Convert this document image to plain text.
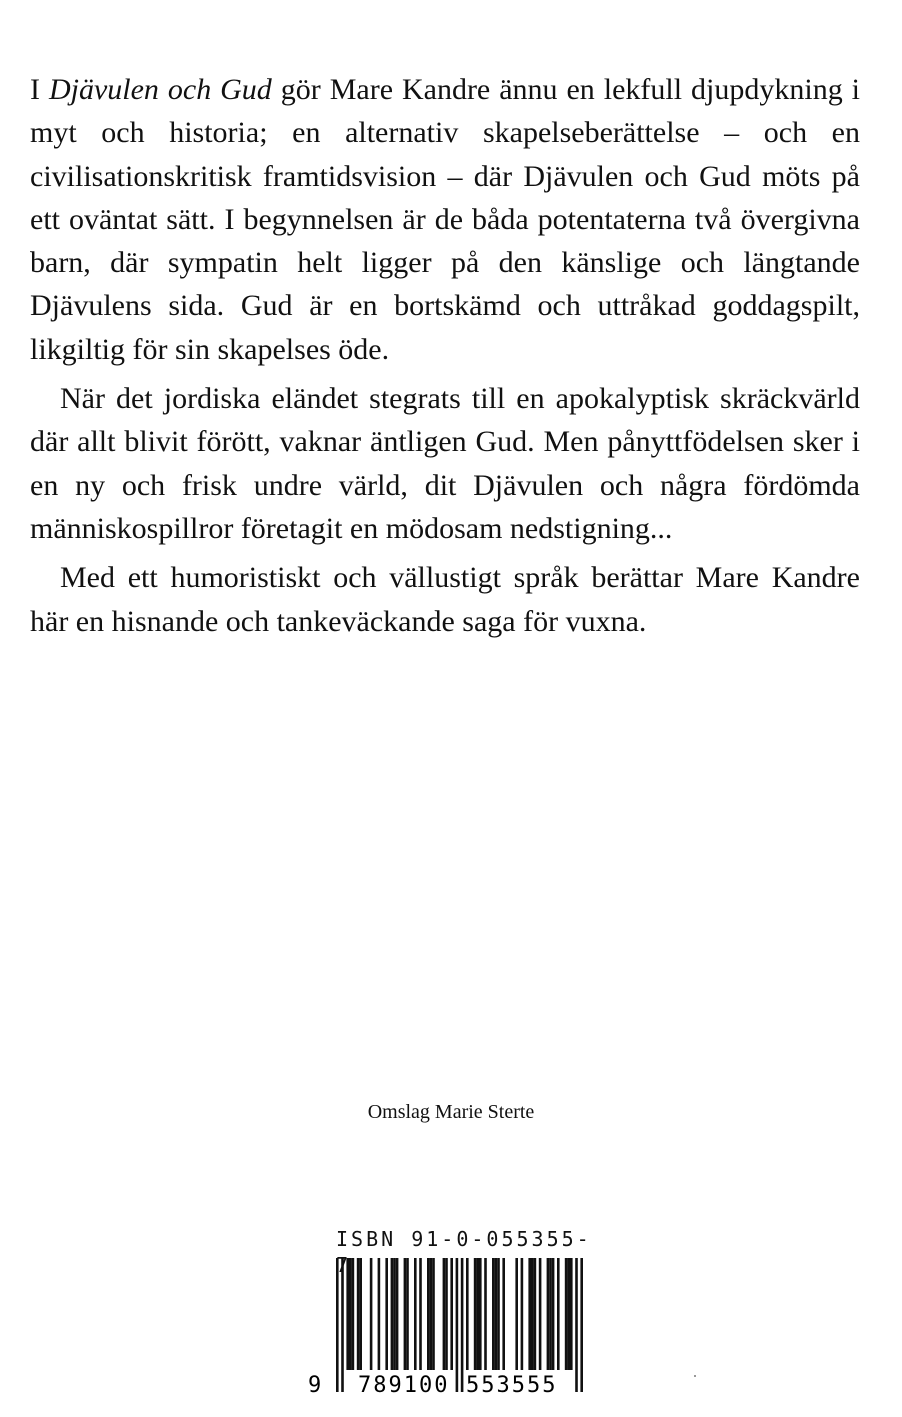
I Djävulen och Gud gör Mare Kandre ännu en lekfull djupdykning i myt och historia; en alternativ skapelseberättelse – och en civilisationskritisk framtidsvision – där Djävulen och Gud möts på ett oväntat sätt. I begynnelsen är de båda potentaterna två övergivna barn, där sympatin helt ligger på den känslige och längtande Djävulens sida. Gud är en bortskämd och uttråkad goddagspilt, likgiltig för sin skapelses öde.

När det jordiska eländet stegrats till en apokalyptisk skräckvärld där allt blivit förött, vaknar äntligen Gud. Men pånyttfödelsen sker i en ny och frisk undre värld, dit Djävulen och några fördömda människospillror företagit en mödosam nedstigning...

Med ett humoristiskt och vällustigt språk berättar Mare Kandre här en hisnande och tankeväckande saga för vuxna.

Omslag Marie Sterte
ISBN 91-0-055355-
9 789100 553555
